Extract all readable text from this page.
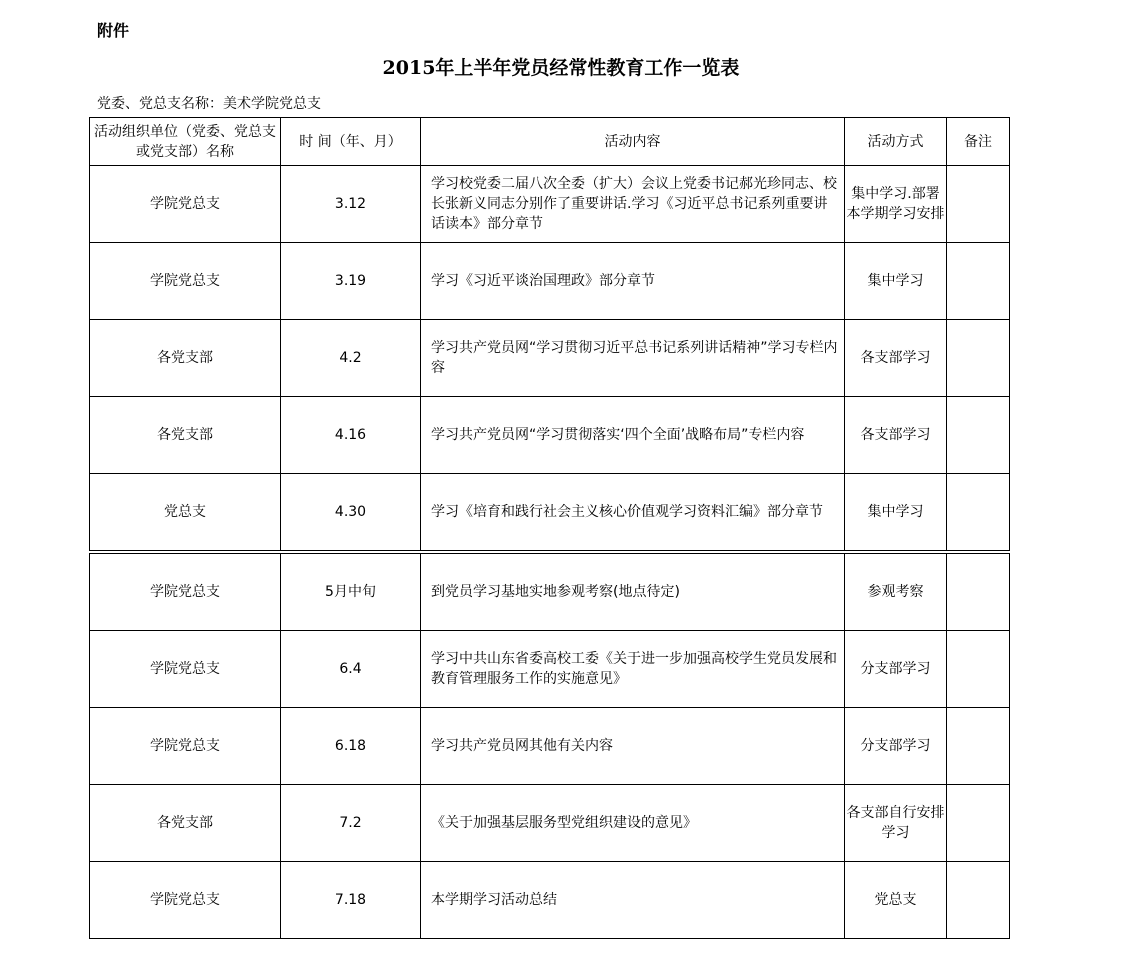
附件
2015年上半年党员经常性教育工作一览表
党委、党总支名称：美术学院党总支
活动组织单位（党委、党总支或党支部）名称	时 间（年、月）	活动内容	活动方式	备注
学院党总支	3.12	学习校党委二届八次全委（扩大）会议上党委书记郝光珍同志、校长张新义同志分别作了重要讲话.学习《习近平总书记系列重要讲话读本》部分章节	集中学习.部署本学期学习安排	
学院党总支	3.19	学习《习近平谈治国理政》部分章节	集中学习	
各党支部	4.2	学习共产党员网“学习贯彻习近平总书记系列讲话精神”学习专栏内容	各支部学习	
各党支部	4.16	学习共产党员网“学习贯彻落实‘四个全面’战略布局”专栏内容	各支部学习	
党总支	4.30	学习《培育和践行社会主义核心价值观学习资料汇编》部分章节	集中学习	
学院党总支	5月中旬	到党员学习基地实地参观考察(地点待定)	参观考察	
学院党总支	6.4	学习中共山东省委高校工委《关于进一步加强高校学生党员发展和教育管理服务工作的实施意见》	分支部学习	
学院党总支	6.18	学习共产党员网其他有关内容	分支部学习	
各党支部	7.2	《关于加强基层服务型党组织建设的意见》	各支部自行安排学习	
学院党总支	7.18	本学期学习活动总结	党总支	
